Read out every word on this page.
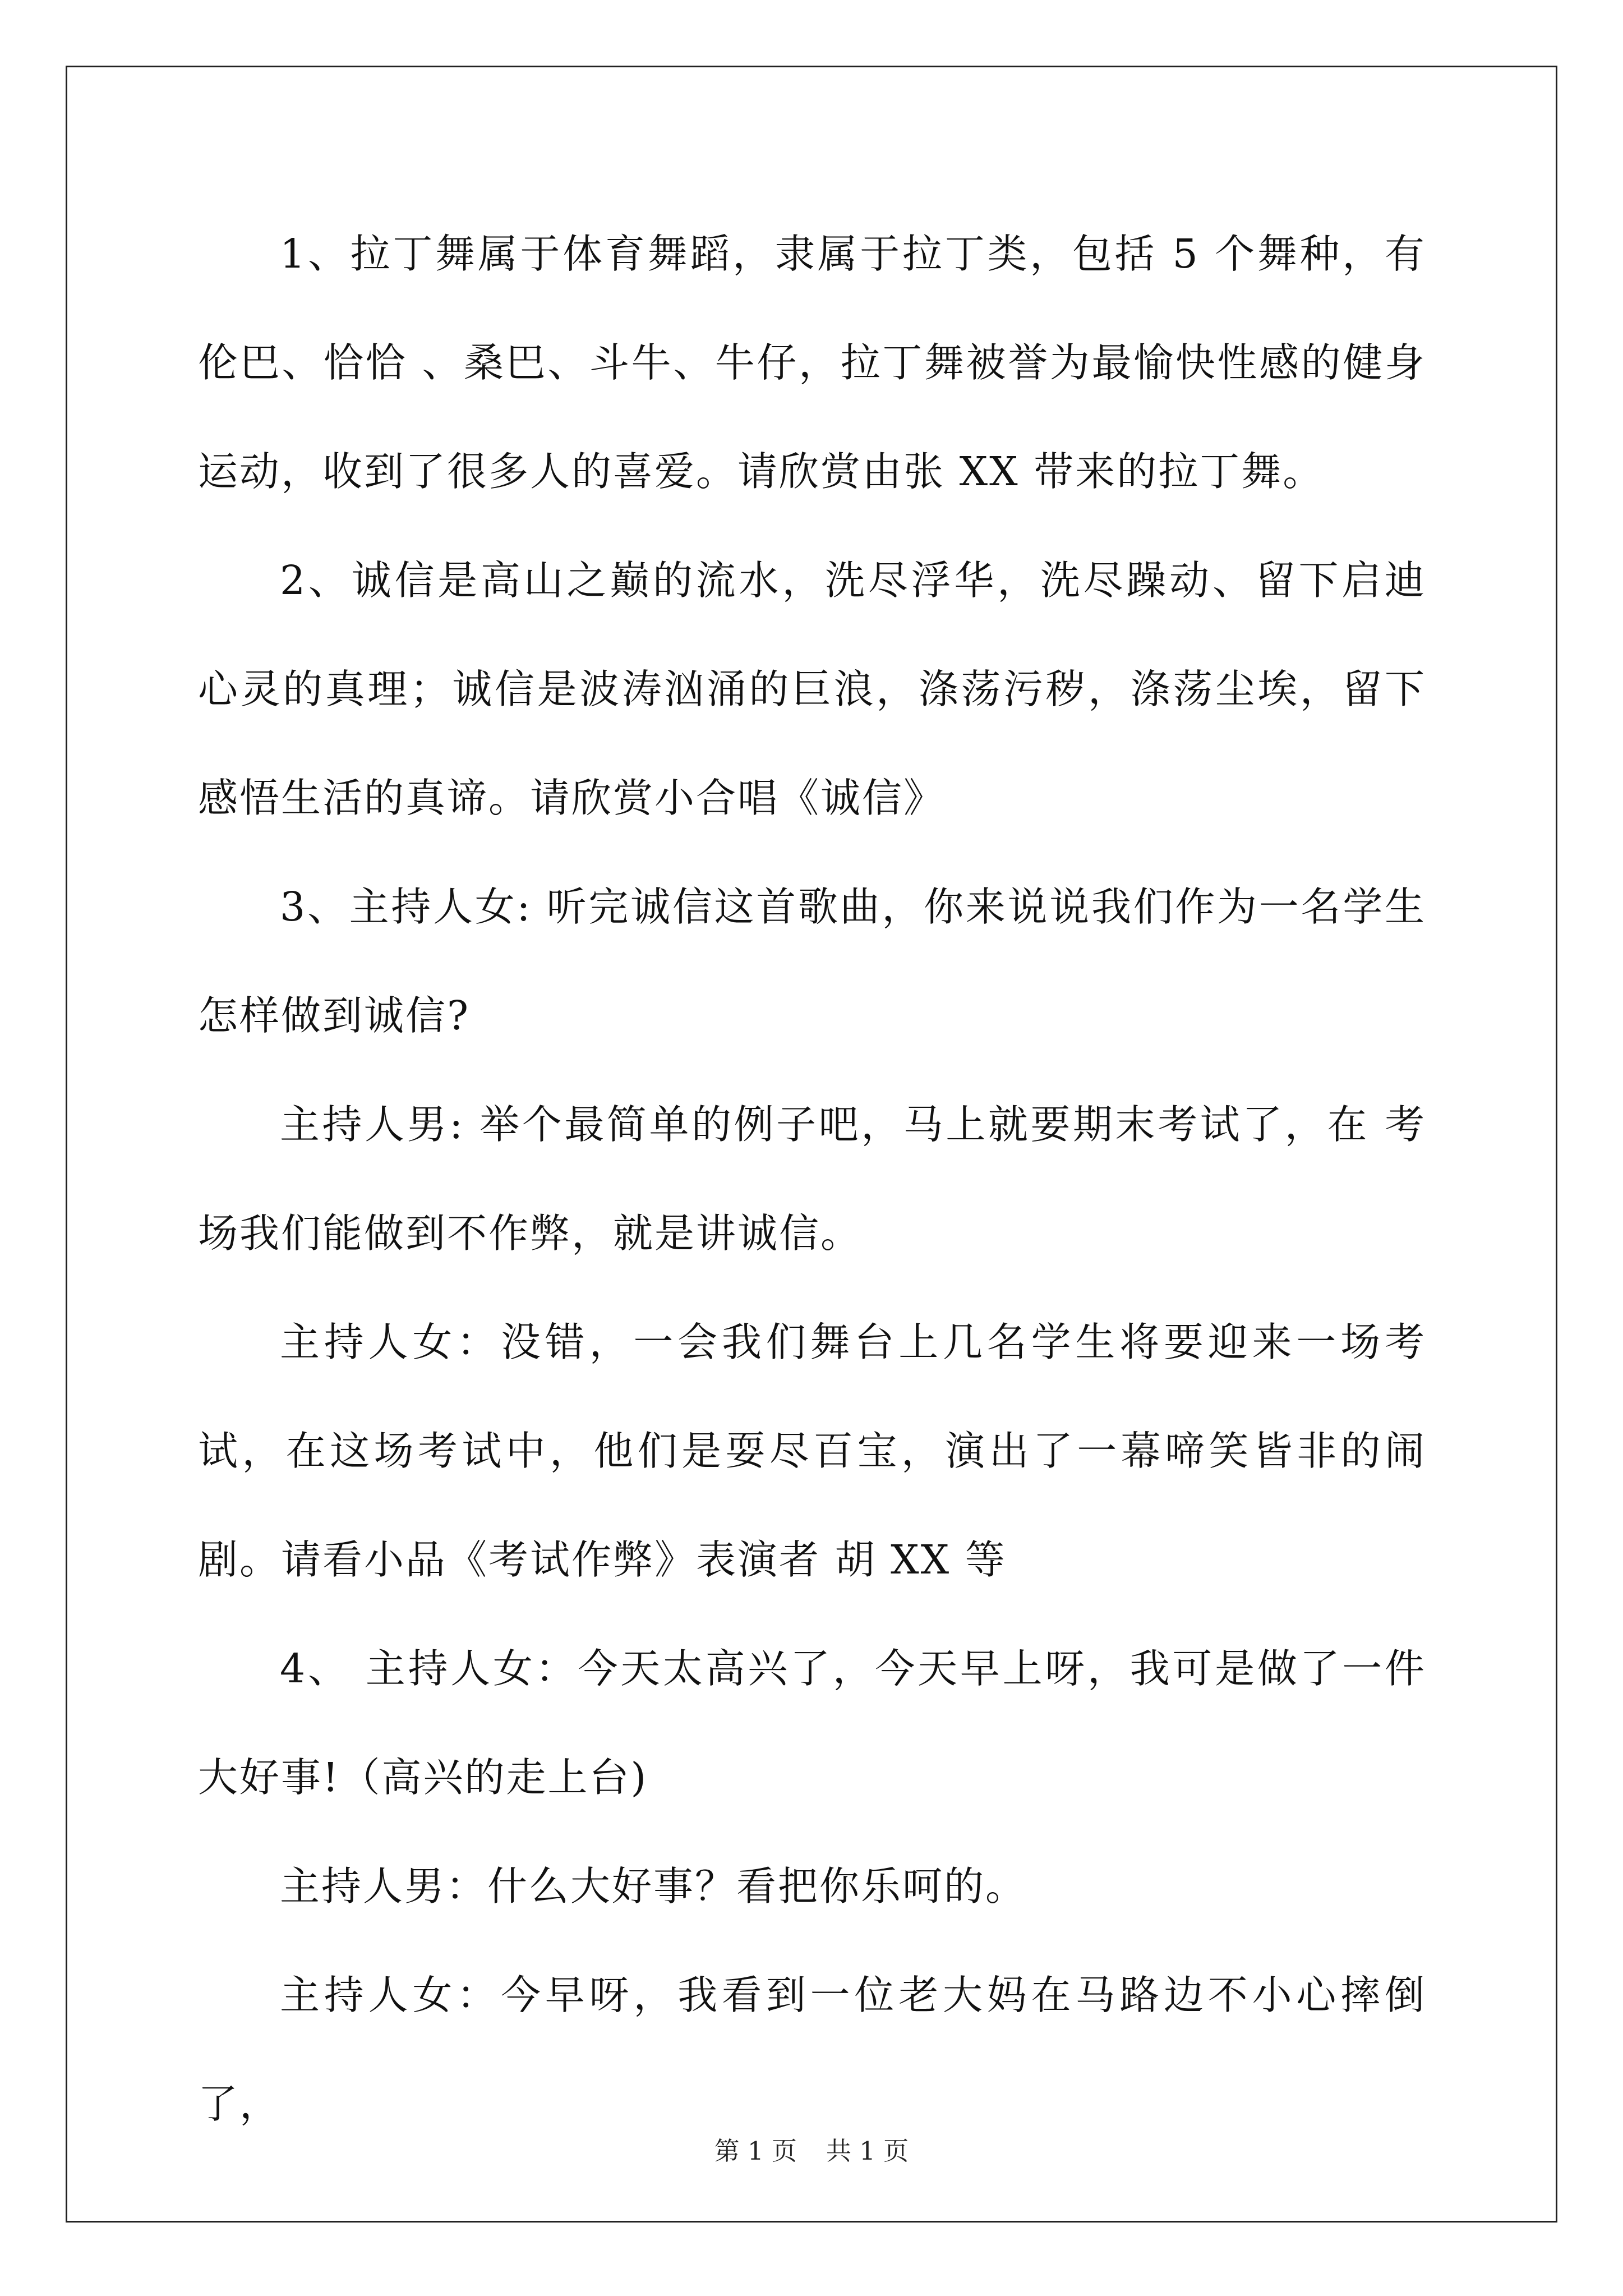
1、拉丁舞属于体育舞蹈，隶属于拉丁类，包括 5 个舞种，有伦巴、恰恰 、桑巴、斗牛、牛仔，拉丁舞被誉为最愉快性感的健身运动，收到了很多人的喜爱。请欣赏由张 XX 带来的拉丁舞。

2、诚信是高山之巅的流水，洗尽浮华，洗尽躁动、留下启迪心灵的真理；诚信是波涛汹涌的巨浪，涤荡污秽，涤荡尘埃，留下感悟生活的真谛。请欣赏小合唱《诚信》

3、主持人女: 听完诚信这首歌曲，你来说说我们作为一名学生怎样做到诚信?

主持人男: 举个最简单的例子吧，马上就要期末考试了，在 考场我们能做到不作弊，就是讲诚信。

主持人女：没错，一会我们舞台上几名学生将要迎来一场考试，在这场考试中，他们是耍尽百宝，演出了一幕啼笑皆非的闹剧。请看小品《考试作弊》表演者 胡 XX 等

4、 主持人女：今天太高兴了，今天早上呀，我可是做了一件大好事!（高兴的走上台)

主持人男：什么大好事？看把你乐呵的。

主持人女：今早呀，我看到一位老大妈在马路边不小心摔倒了，

第 1 页 共 1 页
